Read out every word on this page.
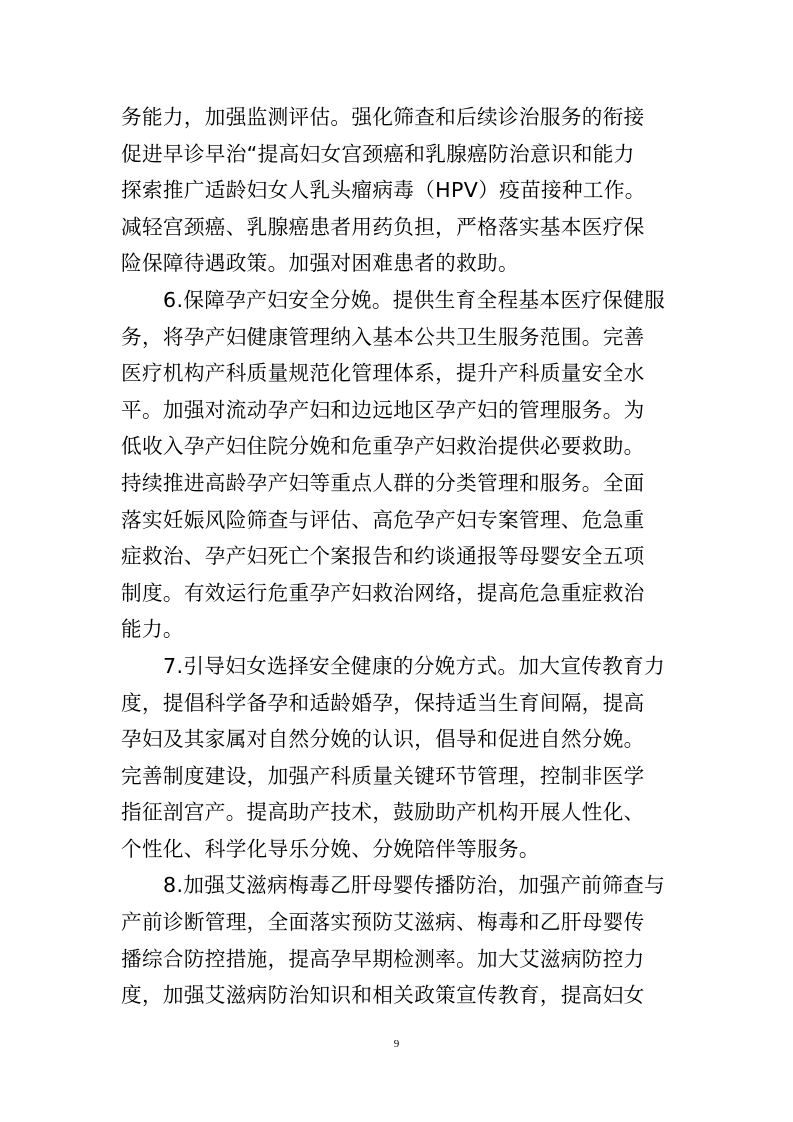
务能力，加强监测评估。强化筛查和后续诊治服务的衔接
促进早诊早治“提高妇女宫颈癌和乳腺癌防治意识和能力
探索推广适龄妇女人乳头瘤病毒（HPV）疫苗接种工作。
减轻宫颈癌、乳腺癌患者用药负担，严格落实基本医疗保
险保障待遇政策。加强对困难患者的救助。
6.保障孕产妇安全分娩。提供生育全程基本医疗保健服
务，将孕产妇健康管理纳入基本公共卫生服务范围。完善
医疗机构产科质量规范化管理体系，提升产科质量安全水
平。加强对流动孕产妇和边远地区孕产妇的管理服务。为
低收入孕产妇住院分娩和危重孕产妇救治提供必要救助。
持续推进高龄孕产妇等重点人群的分类管理和服务。全面
落实妊娠风险筛查与评估、高危孕产妇专案管理、危急重
症救治、孕产妇死亡个案报告和约谈通报等母婴安全五项
制度。有效运行危重孕产妇救治网络，提高危急重症救治
能力。
7.引导妇女选择安全健康的分娩方式。加大宣传教育力
度，提倡科学备孕和适龄婚孕，保持适当生育间隔，提高
孕妇及其家属对自然分娩的认识，倡导和促进自然分娩。
完善制度建设，加强产科质量关键环节管理，控制非医学
指征剖宫产。提高助产技术，鼓励助产机构开展人性化、
个性化、科学化导乐分娩、分娩陪伴等服务。
8.加强艾滋病梅毒乙肝母婴传播防治，加强产前筛查与
产前诊断管理，全面落实预防艾滋病、梅毒和乙肝母婴传
播综合防控措施，提高孕早期检测率。加大艾滋病防控力
度，加强艾滋病防治知识和相关政策宣传教育，提高妇女
9
